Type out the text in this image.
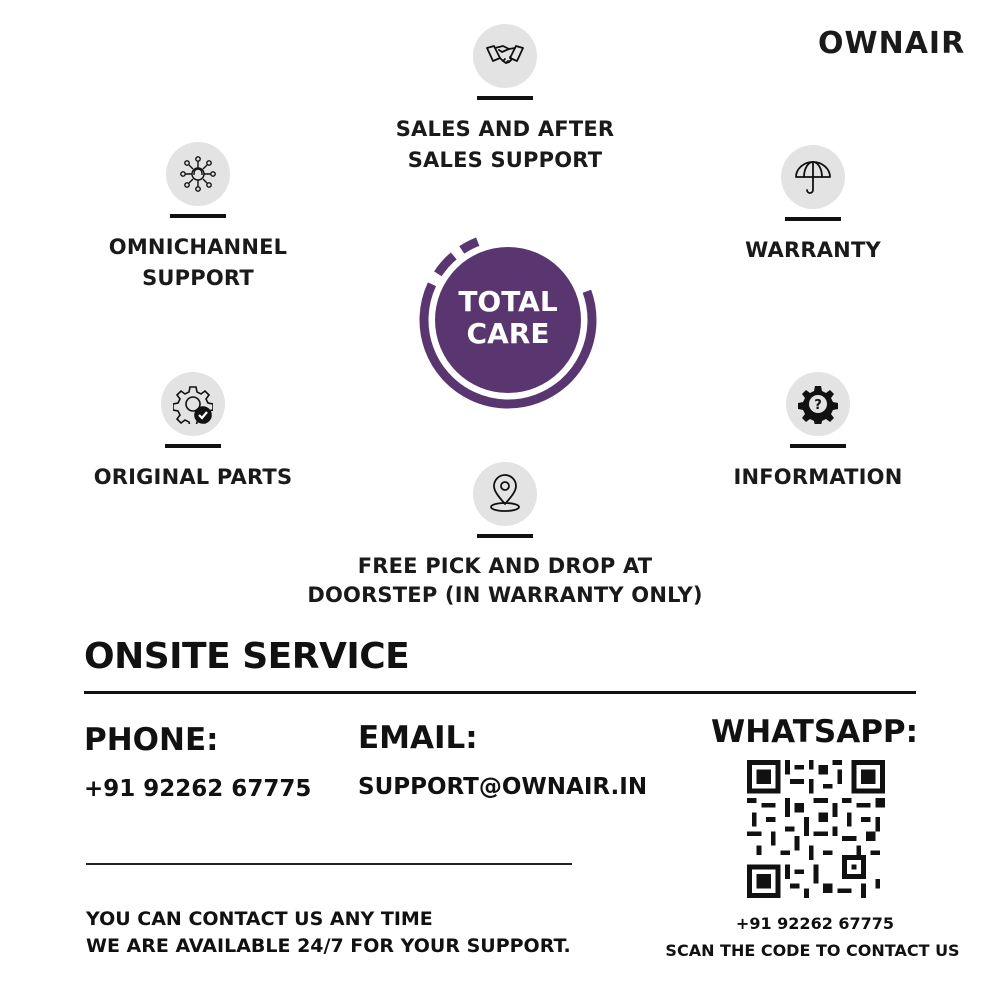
OWNAIR
SALES AND AFTER
SALES SUPPORT
OMNICHANNEL
SUPPORT
WARRANTY
ORIGINAL PARTS
?
INFORMATION
FREE PICK AND DROP AT
DOORSTEP (IN WARRANTY ONLY)
TOTAL
CARE
ONSITE SERVICE
PHONE:
+91 92262 67775
EMAIL:
SUPPORT@OWNAIR.IN
WHATSAPP:
+91 92262 67775
SCAN THE CODE TO CONTACT US
YOU CAN CONTACT US ANY TIME
WE ARE AVAILABLE 24/7 FOR YOUR SUPPORT.
